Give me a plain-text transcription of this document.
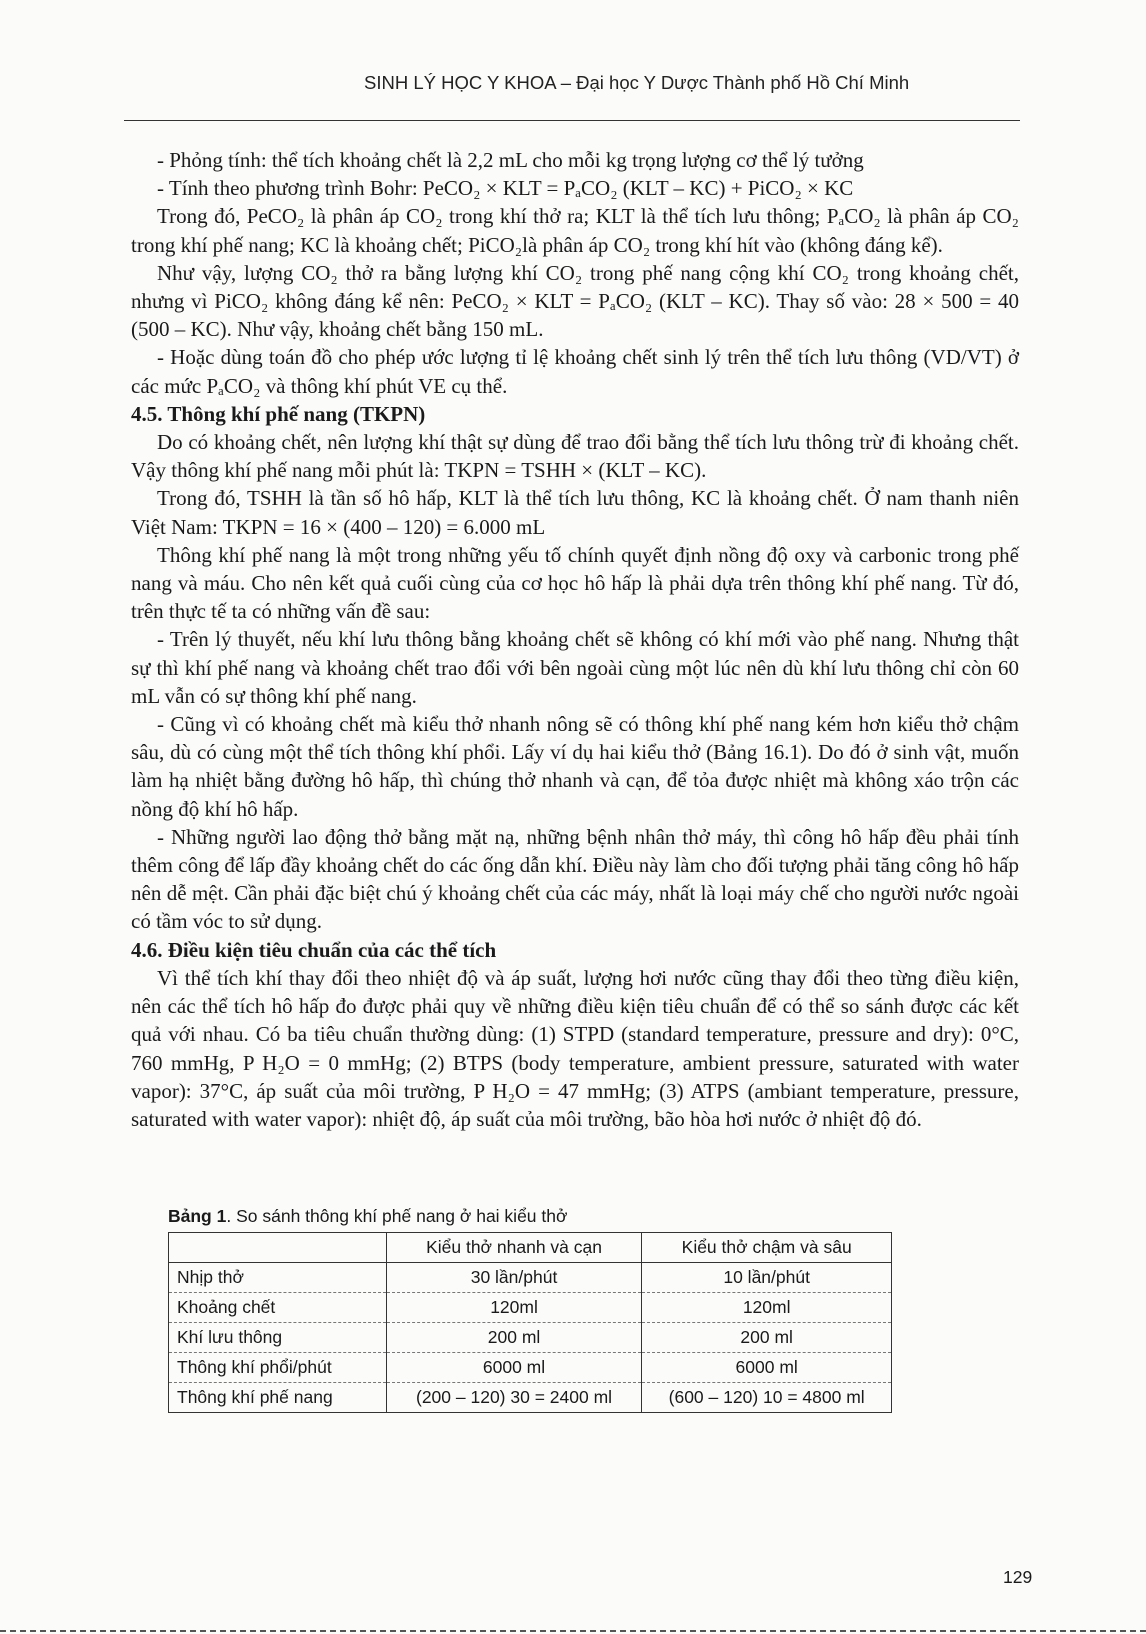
SINH LÝ HỌC Y KHOA – Đại học Y Dược Thành phố Hồ Chí Minh

- Phỏng tính: thể tích khoảng chết là 2,2 mL cho mỗi kg trọng lượng cơ thể lý tưởng

- Tính theo phương trình Bohr: PeCO₂ × KLT = PₐCO₂ (KLT – KC) + PiCO₂ × KC

Trong đó, PeCO₂ là phân áp CO₂ trong khí thở ra; KLT là thể tích lưu thông; PₐCO₂ là phân áp CO₂ trong khí phế nang; KC là khoảng chết; PiCO₂là phân áp CO₂ trong khí hít vào (không đáng kể).

Như vậy, lượng CO₂ thở ra bằng lượng khí CO₂ trong phế nang cộng khí CO₂ trong khoảng chết, nhưng vì PiCO₂ không đáng kể nên: PeCO₂ × KLT = PₐCO₂ (KLT – KC). Thay số vào: 28 × 500 = 40 (500 – KC). Như vậy, khoảng chết bằng 150 mL.

- Hoặc dùng toán đồ cho phép ước lượng tỉ lệ khoảng chết sinh lý trên thể tích lưu thông (VD/VT) ở các mức PₐCO₂ và thông khí phút VE cụ thể.

4.5. Thông khí phế nang (TKPN)

Do có khoảng chết, nên lượng khí thật sự dùng để trao đổi bằng thể tích lưu thông trừ đi khoảng chết. Vậy thông khí phế nang mỗi phút là: TKPN = TSHH × (KLT – KC).

Trong đó, TSHH là tần số hô hấp, KLT là thể tích lưu thông, KC là khoảng chết. Ở nam thanh niên Việt Nam: TKPN = 16 × (400 – 120) = 6.000 mL

Thông khí phế nang là một trong những yếu tố chính quyết định nồng độ oxy và carbonic trong phế nang và máu. Cho nên kết quả cuối cùng của cơ học hô hấp là phải dựa trên thông khí phế nang. Từ đó, trên thực tế ta có những vấn đề sau:

- Trên lý thuyết, nếu khí lưu thông bằng khoảng chết sẽ không có khí mới vào phế nang. Nhưng thật sự thì khí phế nang và khoảng chết trao đổi với bên ngoài cùng một lúc nên dù khí lưu thông chỉ còn 60 mL vẫn có sự thông khí phế nang.

- Cũng vì có khoảng chết mà kiểu thở nhanh nông sẽ có thông khí phế nang kém hơn kiểu thở chậm sâu, dù có cùng một thể tích thông khí phổi. Lấy ví dụ hai kiểu thở (Bảng 16.1). Do đó ở sinh vật, muốn làm hạ nhiệt bằng đường hô hấp, thì chúng thở nhanh và cạn, để tỏa được nhiệt mà không xáo trộn các nồng độ khí hô hấp.

- Những người lao động thở bằng mặt nạ, những bệnh nhân thở máy, thì công hô hấp đều phải tính thêm công để lấp đầy khoảng chết do các ống dẫn khí. Điều này làm cho đối tượng phải tăng công hô hấp nên dễ mệt. Cần phải đặc biệt chú ý khoảng chết của các máy, nhất là loại máy chế cho người nước ngoài có tầm vóc to sử dụng.

4.6. Điều kiện tiêu chuẩn của các thể tích

Vì thể tích khí thay đổi theo nhiệt độ và áp suất, lượng hơi nước cũng thay đổi theo từng điều kiện, nên các thể tích hô hấp đo được phải quy về những điều kiện tiêu chuẩn để có thể so sánh được các kết quả với nhau. Có ba tiêu chuẩn thường dùng: (1) STPD (standard temperature, pressure and dry): 0°C, 760 mmHg, P H₂O = 0 mmHg; (2) BTPS (body temperature, ambient pressure, saturated with water vapor): 37°C, áp suất của môi trường, P H₂O = 47 mmHg; (3) ATPS (ambiant temperature, pressure, saturated with water vapor): nhiệt độ, áp suất của môi trường, bão hòa hơi nước ở nhiệt độ đó.

Bảng 1. So sánh thông khí phế nang ở hai kiểu thở
	Kiểu thở nhanh và cạn	Kiểu thở chậm và sâu
Nhịp thở	30 lần/phút	10 lần/phút
Khoảng chết	120ml	120ml
Khí lưu thông	200 ml	200 ml
Thông khí phổi/phút	6000 ml	6000 ml
Thông khí phế nang	(200 – 120) 30 = 2400 ml	(600 – 120) 10 = 4800 ml
129
